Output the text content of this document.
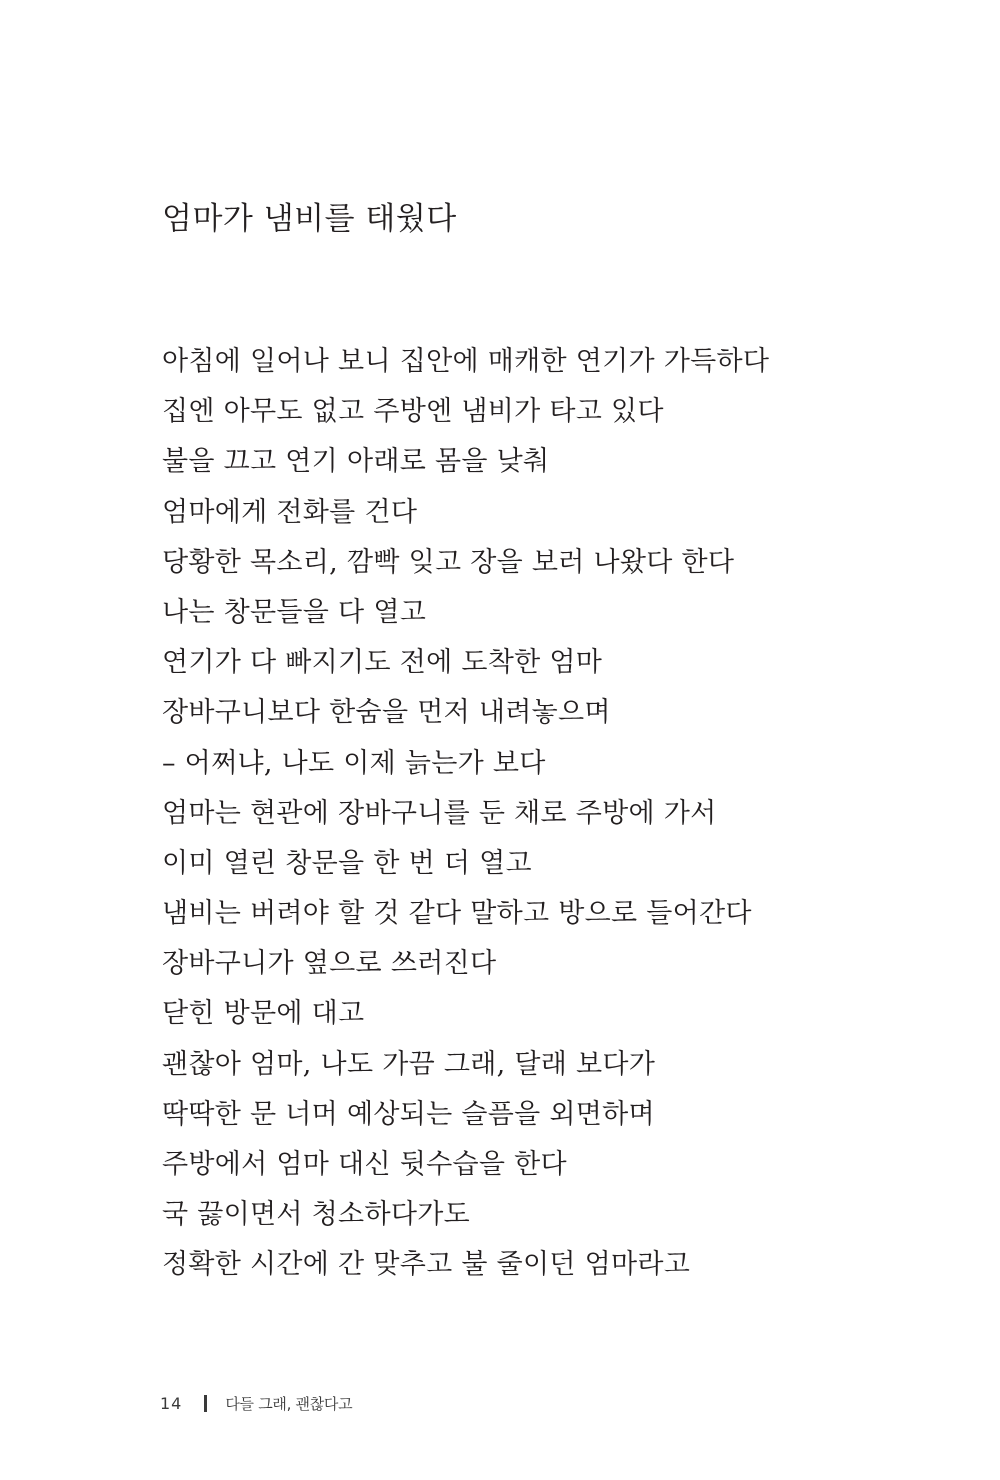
엄마가 냄비를 태웠다
아침에 일어나 보니 집안에 매캐한 연기가 가득하다
집엔 아무도 없고 주방엔 냄비가 타고 있다
불을 끄고 연기 아래로 몸을 낮춰
엄마에게 전화를 건다
당황한 목소리, 깜빡 잊고 장을 보러 나왔다 한다
나는 창문들을 다 열고
연기가 다 빠지기도 전에 도착한 엄마
장바구니보다 한숨을 먼저 내려놓으며
– 어쩌냐, 나도 이제 늙는가 보다
엄마는 현관에 장바구니를 둔 채로 주방에 가서
이미 열린 창문을 한 번 더 열고
냄비는 버려야 할 것 같다 말하고 방으로 들어간다
장바구니가 옆으로 쓰러진다
닫힌 방문에 대고
괜찮아 엄마, 나도 가끔 그래, 달래 보다가
딱딱한 문 너머 예상되는 슬픔을 외면하며
주방에서 엄마 대신 뒷수습을 한다
국 끓이면서 청소하다가도
정확한 시간에 간 맞추고 불 줄이던 엄마라고
14	다들 그래, 괜찮다고
